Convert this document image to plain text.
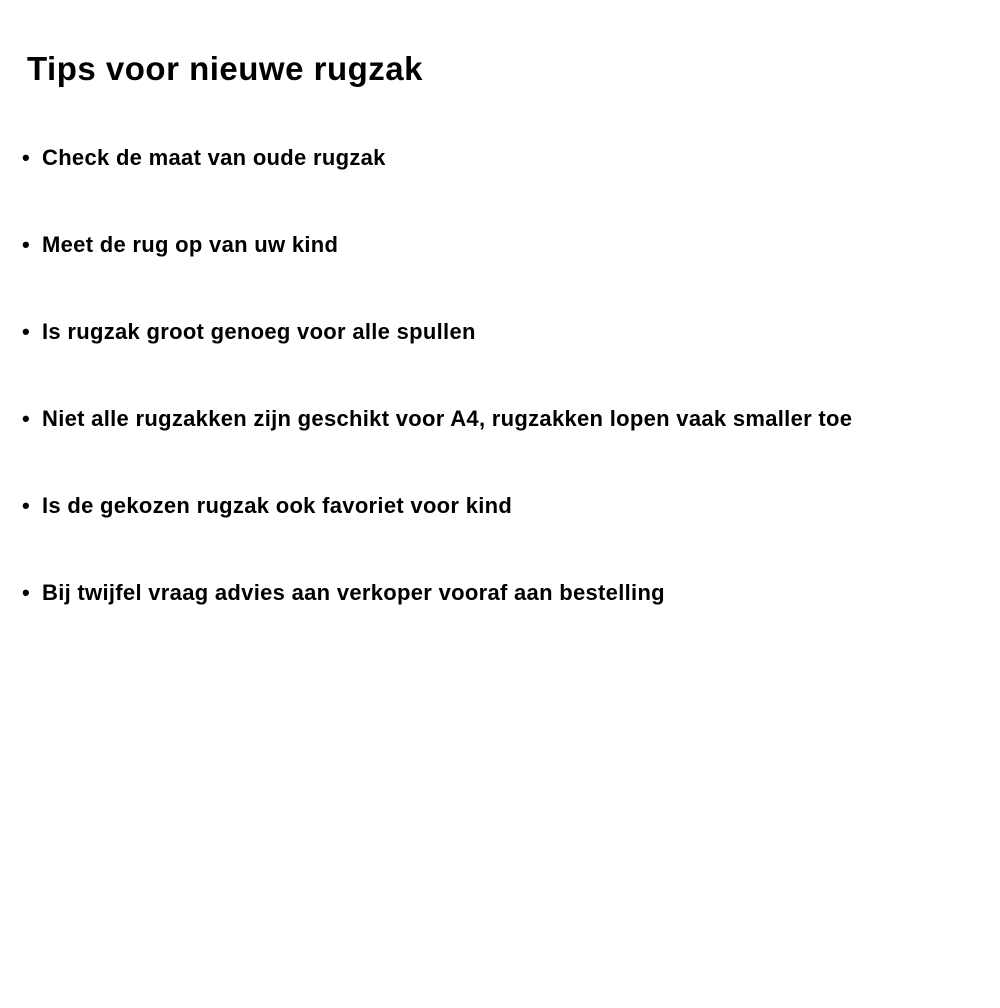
Tips voor nieuwe rugzak
• Check de maat van oude rugzak
• Meet de rug op van uw kind
• Is rugzak groot genoeg voor alle spullen
• Niet alle rugzakken zijn geschikt voor A4, rugzakken lopen vaak smaller toe
• Is de gekozen rugzak ook favoriet voor kind
• Bij twijfel vraag advies aan verkoper vooraf aan bestelling
